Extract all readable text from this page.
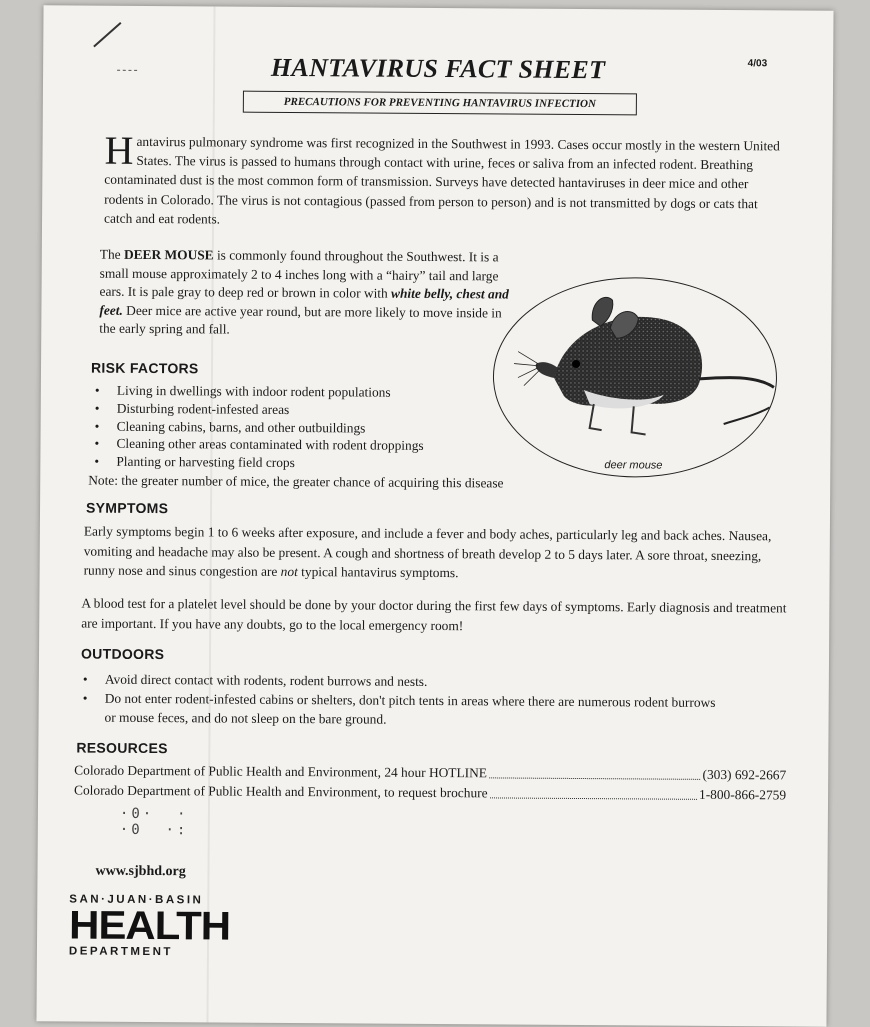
4/03
HANTAVIRUS FACT SHEET
PRECAUTIONS FOR PREVENTING HANTAVIRUS INFECTION
Hantavirus pulmonary syndrome was first recognized in the Southwest in 1993. Cases occur mostly in the western United States. The virus is passed to humans through contact with urine, feces or saliva from an infected rodent. Breathing contaminated dust is the most common form of transmission. Surveys have detected hantaviruses in deer mice and other rodents in Colorado. The virus is not contagious (passed from person to person) and is not transmitted by dogs or cats that catch and eat rodents.
The DEER MOUSE is commonly found throughout the Southwest. It is a small mouse approximately 2 to 4 inches long with a “hairy” tail and large ears. It is pale gray to deep red or brown in color with white belly, chest and feet. Deer mice are active year round, but are more likely to move inside in the early spring and fall.
deer mouse
RISK FACTORS
• Living in dwellings with indoor rodent populations
• Disturbing rodent-infested areas
• Cleaning cabins, barns, and other outbuildings
• Cleaning other areas contaminated with rodent droppings
• Planting or harvesting field crops
Note: the greater number of mice, the greater chance of acquiring this disease
SYMPTOMS
Early symptoms begin 1 to 6 weeks after exposure, and include a fever and body aches, particularly leg and back aches. Nausea, vomiting and headache may also be present. A cough and shortness of breath develop 2 to 5 days later. A sore throat, sneezing, runny nose and sinus congestion are not typical hantavirus symptoms.
A blood test for a platelet level should be done by your doctor during the first few days of symptoms. Early diagnosis and treatment are important. If you have any doubts, go to the local emergency room!
OUTDOORS
• Avoid direct contact with rodents, rodent burrows and nests.
• Do not enter rodent-infested cabins or shelters, don't pitch tents in areas where there are numerous rodent burrows or mouse feces, and do not sleep on the bare ground.
RESOURCES
Colorado Department of Public Health and Environment, 24 hour HOTLINE	(303) 692-2667
Colorado Department of Public Health and Environment, to request brochure	1-800-866-2759
·0·  ·
·0  ·:
www.sjbhd.org
SAN·JUAN·BASIN
HEALTH
DEPARTMENT
